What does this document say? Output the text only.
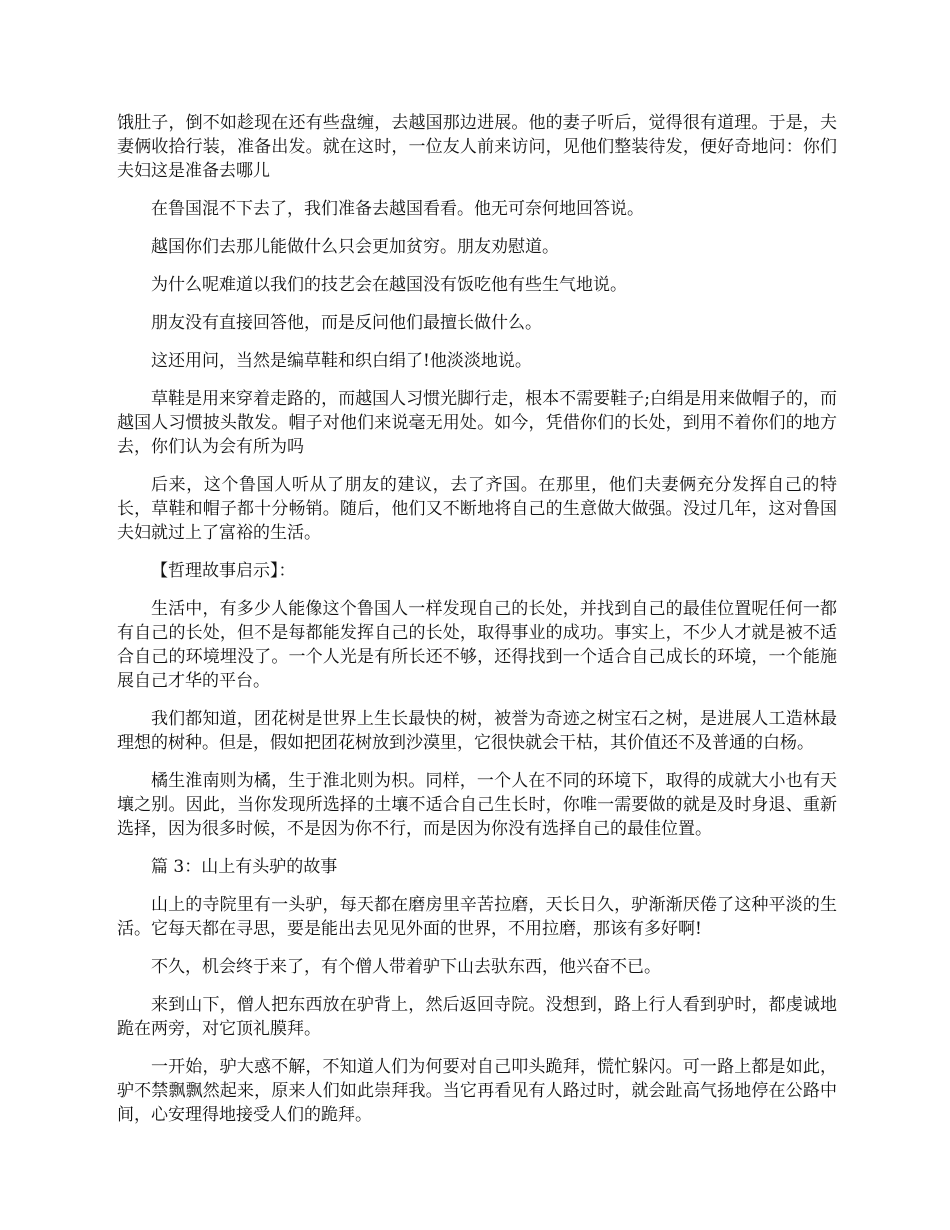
饿肚子，倒不如趁现在还有些盘缠，去越国那边进展。他的妻子听后，觉得很有道理。于是，夫妻俩收拾行装，准备出发。就在这时，一位友人前来访问，见他们整装待发，便好奇地问：你们夫妇这是准备去哪儿

在鲁国混不下去了，我们准备去越国看看。他无可奈何地回答说。

越国你们去那儿能做什么只会更加贫穷。朋友劝慰道。

为什么呢难道以我们的技艺会在越国没有饭吃他有些生气地说。

朋友没有直接回答他，而是反问他们最擅长做什么。

这还用问，当然是编草鞋和织白绢了!他淡淡地说。

草鞋是用来穿着走路的，而越国人习惯光脚行走，根本不需要鞋子;白绢是用来做帽子的，而越国人习惯披头散发。帽子对他们来说毫无用处。如今，凭借你们的长处，到用不着你们的地方去，你们认为会有所为吗

后来，这个鲁国人听从了朋友的建议，去了齐国。在那里，他们夫妻俩充分发挥自己的特长，草鞋和帽子都十分畅销。随后，他们又不断地将自己的生意做大做强。没过几年，这对鲁国夫妇就过上了富裕的生活。

【哲理故事启示】：

生活中，有多少人能像这个鲁国人一样发现自己的长处，并找到自己的最佳位置呢任何一都有自己的长处，但不是每都能发挥自己的长处，取得事业的成功。事实上，不少人才就是被不适合自己的环境埋没了。一个人光是有所长还不够，还得找到一个适合自己成长的环境，一个能施展自己才华的平台。

我们都知道，团花树是世界上生长最快的树，被誉为奇迹之树宝石之树，是进展人工造林最理想的树种。但是，假如把团花树放到沙漠里，它很快就会干枯，其价值还不及普通的白杨。

橘生淮南则为橘，生于淮北则为枳。同样，一个人在不同的环境下，取得的成就大小也有天壤之别。因此，当你发现所选择的土壤不适合自己生长时，你唯一需要做的就是及时身退、重新选择，因为很多时候，不是因为你不行，而是因为你没有选择自己的最佳位置。

篇 3：山上有头驴的故事

山上的寺院里有一头驴，每天都在磨房里辛苦拉磨，天长日久，驴渐渐厌倦了这种平淡的生活。它每天都在寻思，要是能出去见见外面的世界，不用拉磨，那该有多好啊!

不久，机会终于来了，有个僧人带着驴下山去驮东西，他兴奋不已。

来到山下，僧人把东西放在驴背上，然后返回寺院。没想到，路上行人看到驴时，都虔诚地跪在两旁，对它顶礼膜拜。

一开始，驴大惑不解，不知道人们为何要对自己叩头跪拜，慌忙躲闪。可一路上都是如此，驴不禁飘飘然起来，原来人们如此崇拜我。当它再看见有人路过时，就会趾高气扬地停在公路中间，心安理得地接受人们的跪拜。
